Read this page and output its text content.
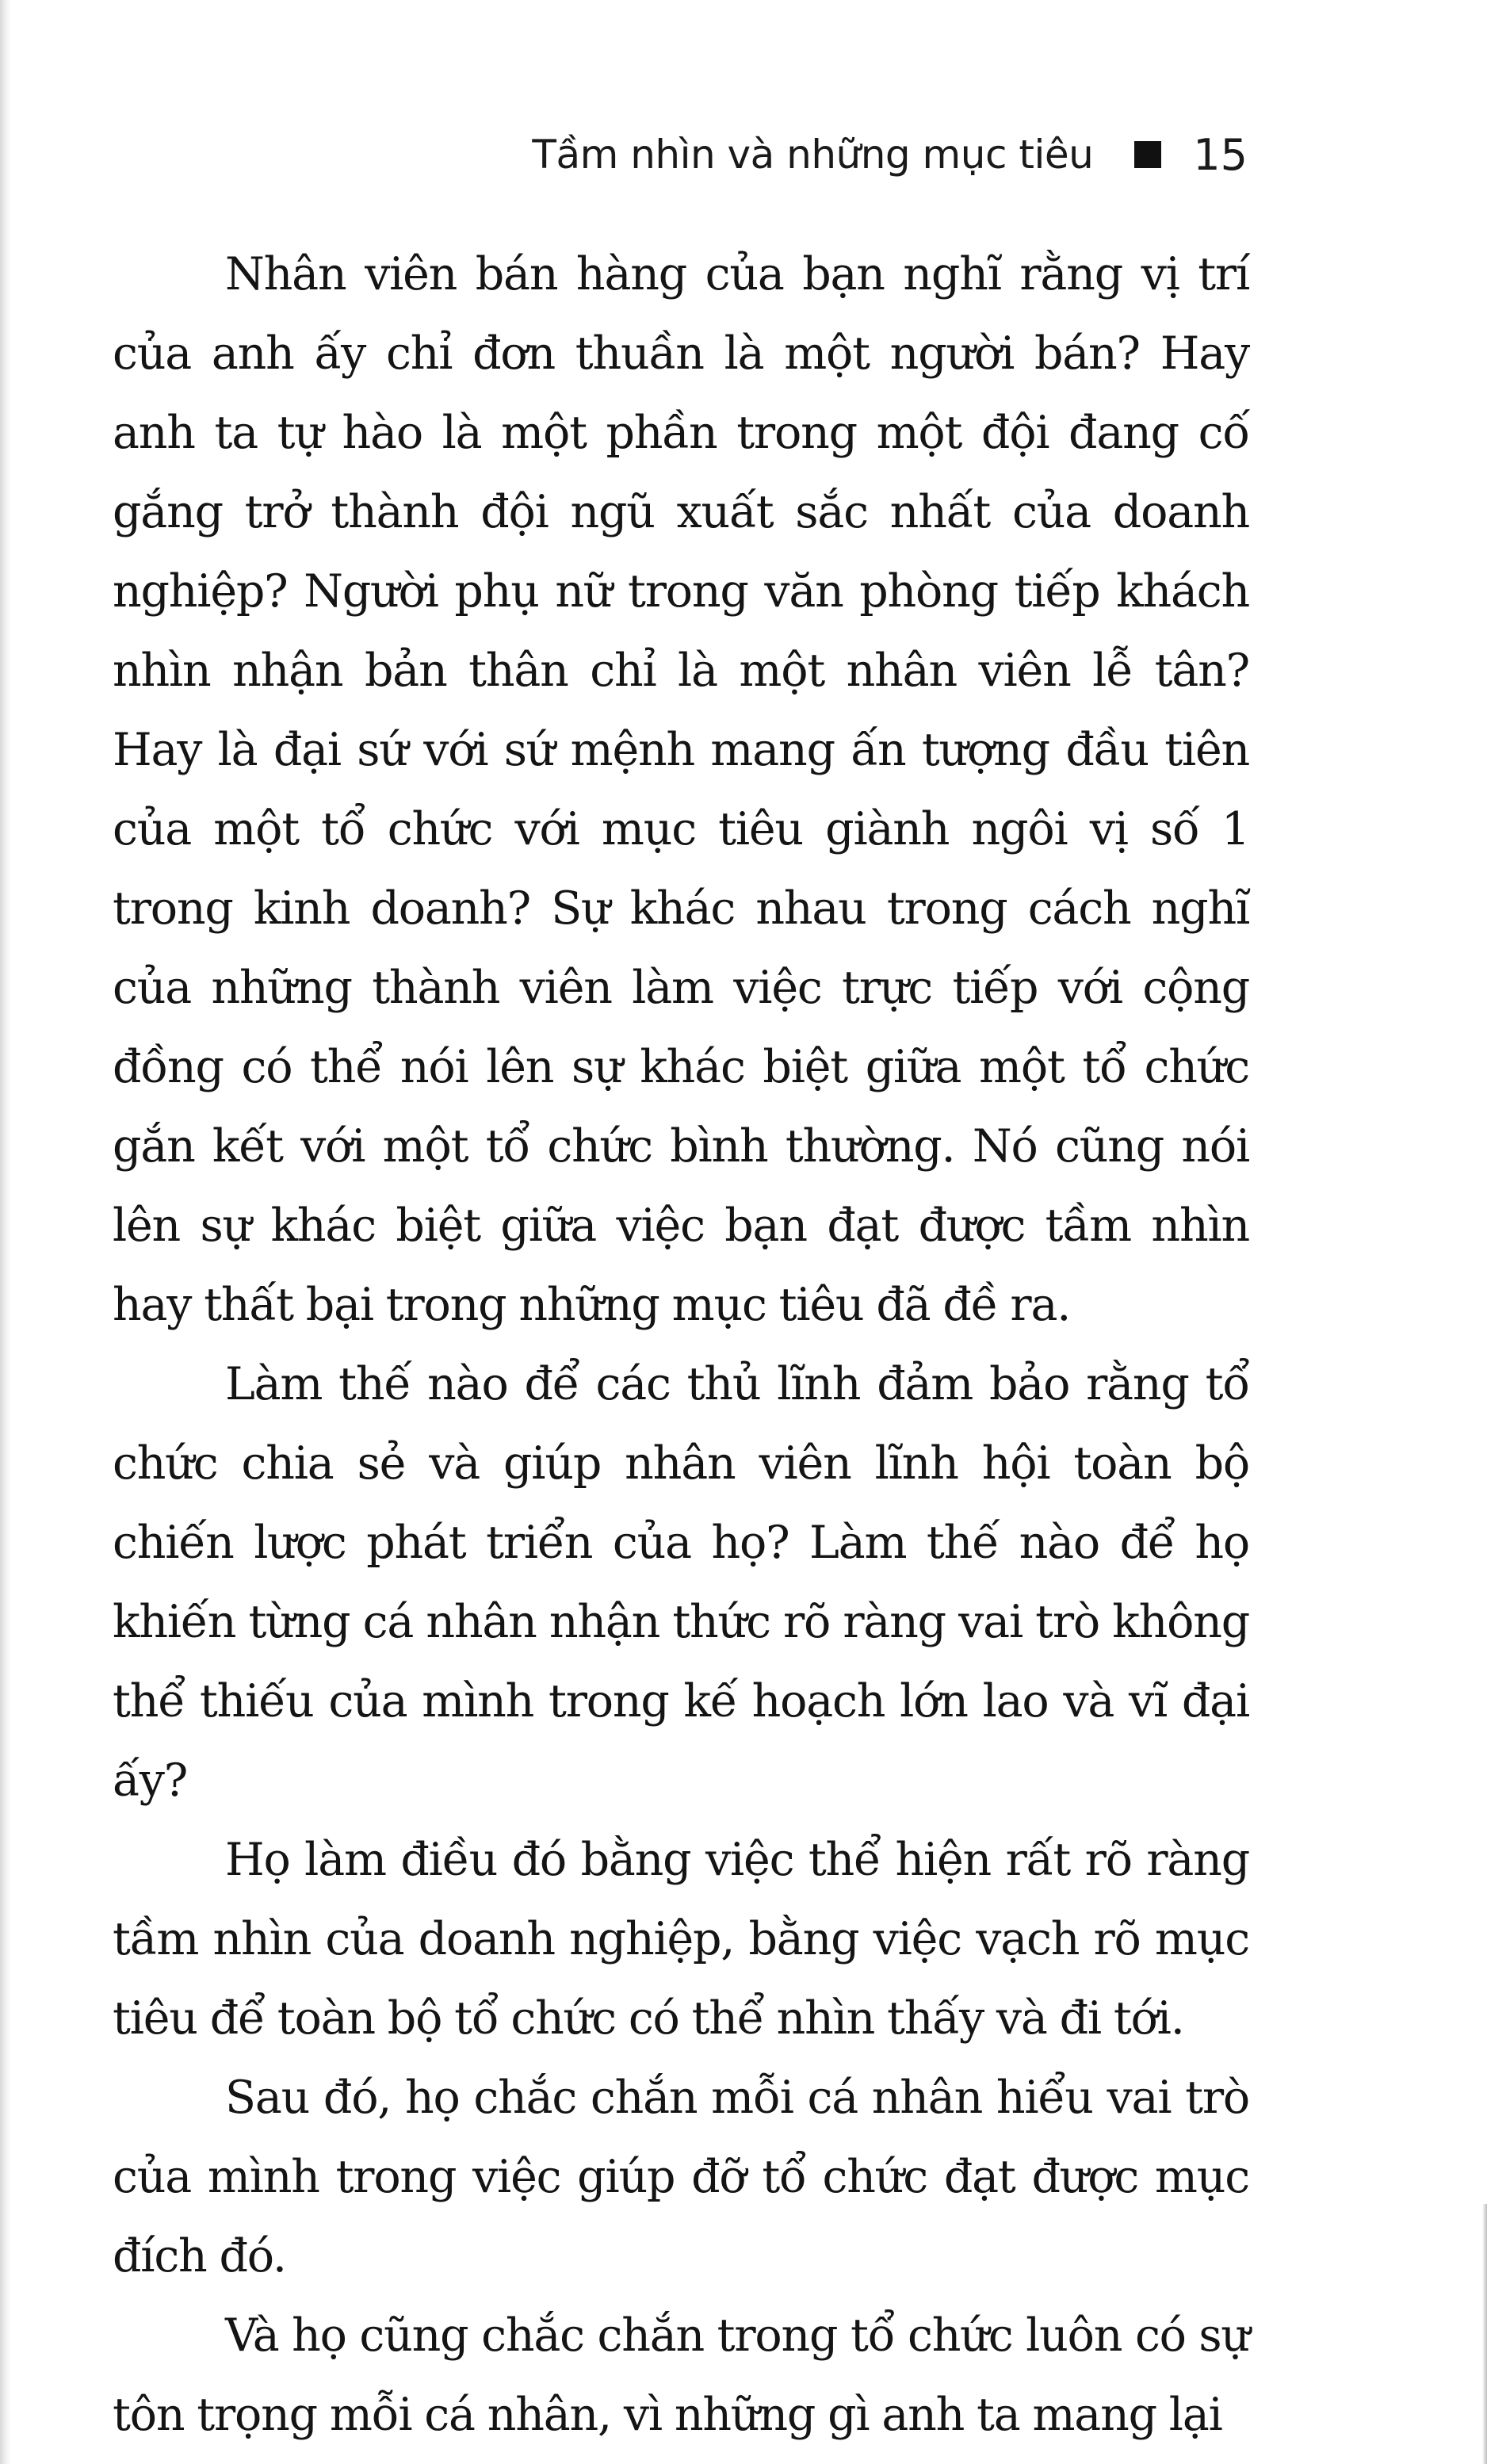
Tầm nhìn và những mục tiêu 15

Nhân viên bán hàng của bạn nghĩ rằng vị trí của anh ấy chỉ đơn thuần là một người bán? Hay anh ta tự hào là một phần trong một đội đang cố gắng trở thành đội ngũ xuất sắc nhất của doanh nghiệp? Người phụ nữ trong văn phòng tiếp khách nhìn nhận bản thân chỉ là một nhân viên lễ tân? Hay là đại sứ với sứ mệnh mang ấn tượng đầu tiên của một tổ chức với mục tiêu giành ngôi vị số 1 trong kinh doanh? Sự khác nhau trong cách nghĩ của những thành viên làm việc trực tiếp với cộng đồng có thể nói lên sự khác biệt giữa một tổ chức gắn kết với một tổ chức bình thường. Nó cũng nói lên sự khác biệt giữa việc bạn đạt được tầm nhìn hay thất bại trong những mục tiêu đã đề ra.

Làm thế nào để các thủ lĩnh đảm bảo rằng tổ chức chia sẻ và giúp nhân viên lĩnh hội toàn bộ chiến lược phát triển của họ? Làm thế nào để họ khiến từng cá nhân nhận thức rõ ràng vai trò không thể thiếu của mình trong kế hoạch lớn lao và vĩ đại ấy?

Họ làm điều đó bằng việc thể hiện rất rõ ràng tầm nhìn của doanh nghiệp, bằng việc vạch rõ mục tiêu để toàn bộ tổ chức có thể nhìn thấy và đi tới.

Sau đó, họ chắc chắn mỗi cá nhân hiểu vai trò của mình trong việc giúp đỡ tổ chức đạt được mục đích đó.

Và họ cũng chắc chắn trong tổ chức luôn có sự tôn trọng mỗi cá nhân, vì những gì anh ta mang lại
